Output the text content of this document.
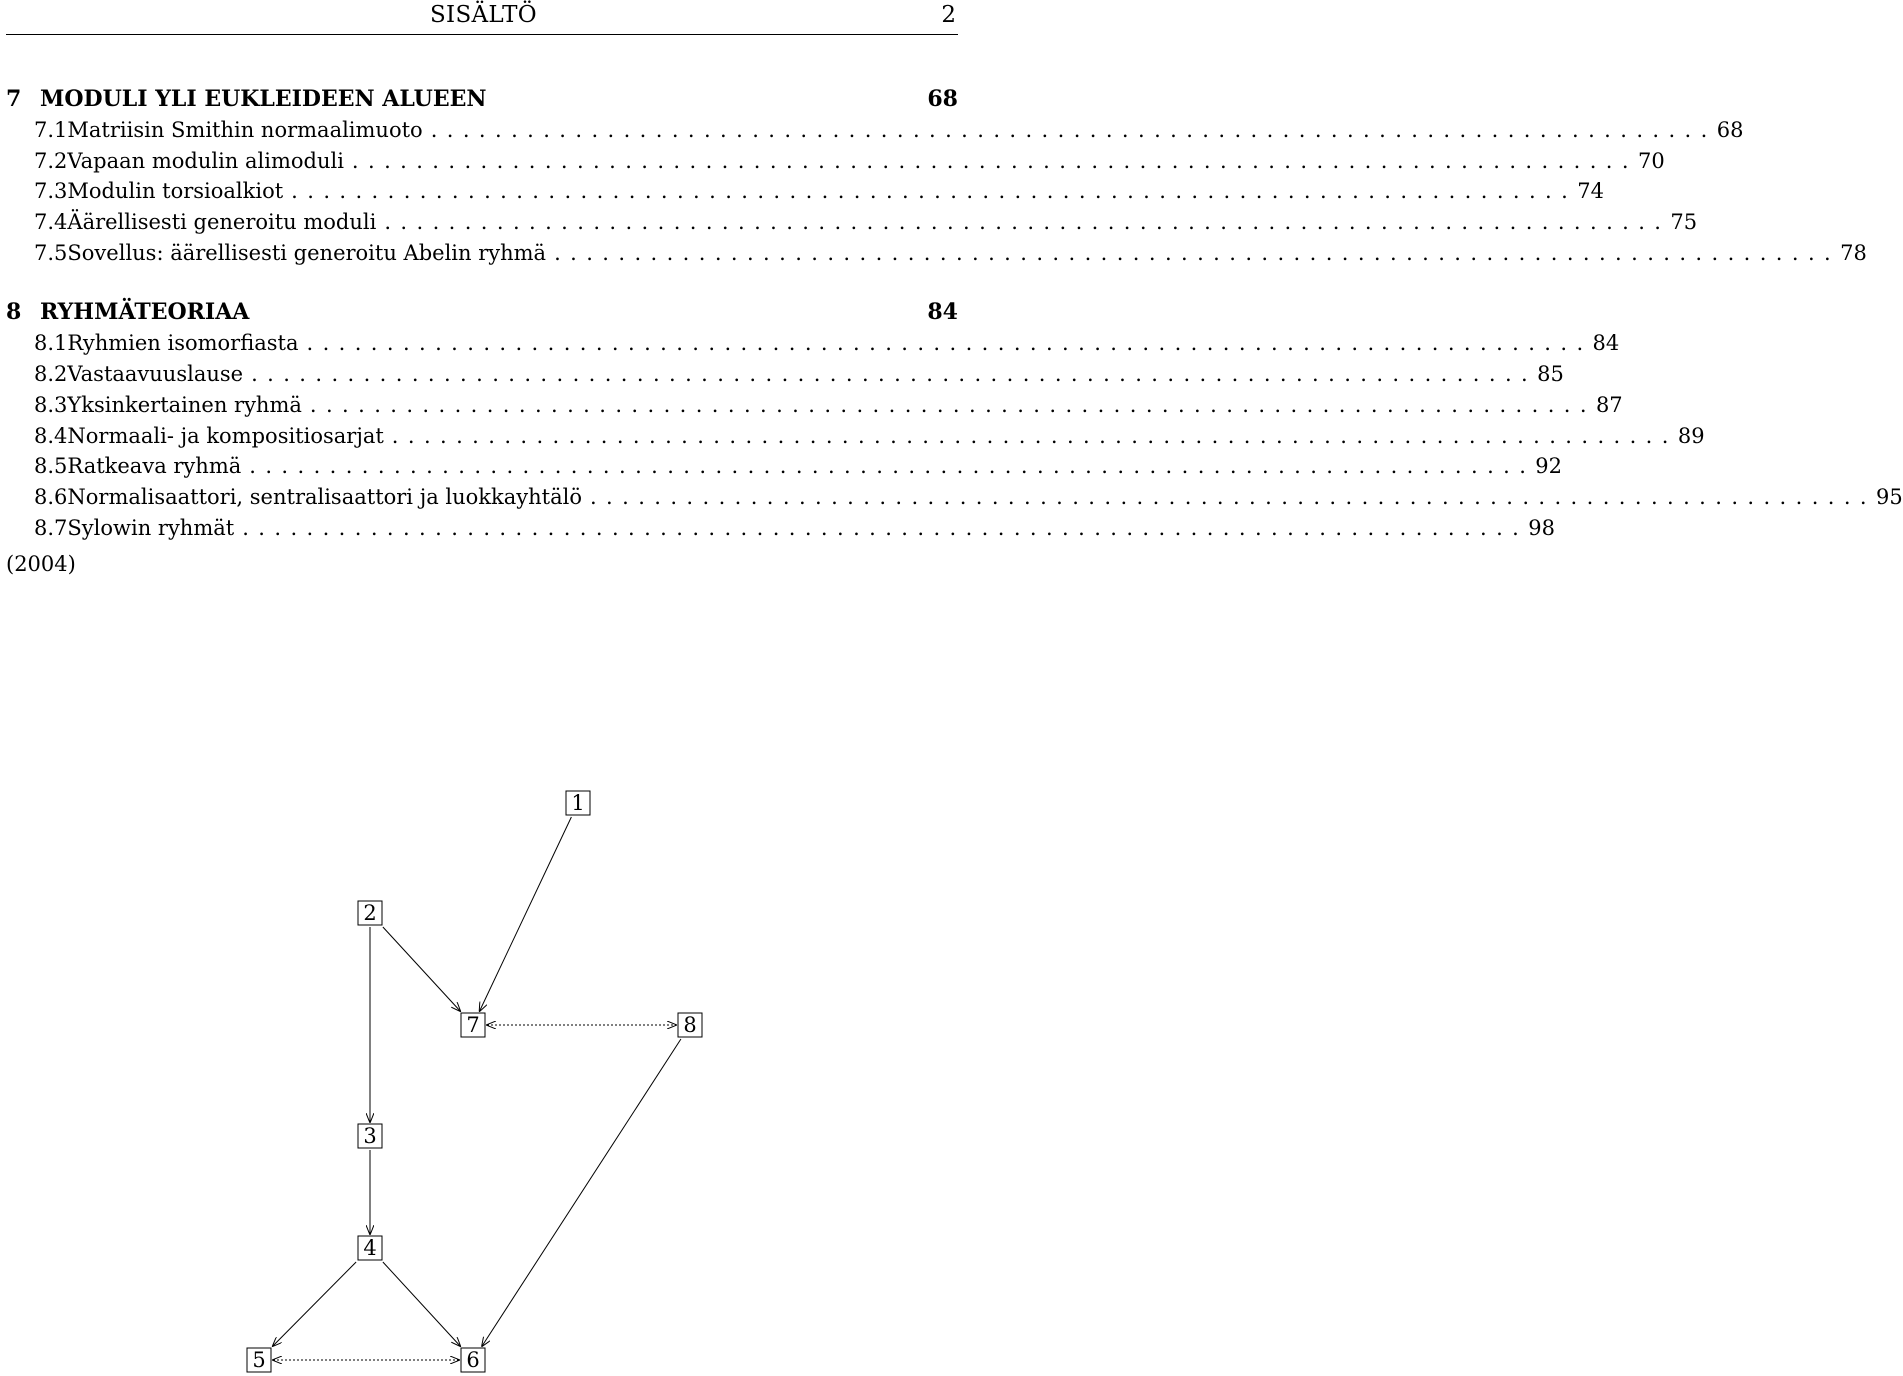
SISÄLTÖ	2
7 MODULI YLI EUKLEIDEEN ALUEEN	68
7.1 Matriisin Smithin normaalimuoto ................................................................................ 68
7.2 Vapaan modulin alimoduli ................................................................................ 70
7.3 Modulin torsioalkiot ................................................................................ 74
7.4 Äärellisesti generoitu moduli ................................................................................ 75
7.5 Sovellus: äärellisesti generoitu Abelin ryhmä ................................................................................ 78
8 RYHMÄTEORIAA	84
8.1 Ryhmien isomorfiasta ................................................................................ 84
8.2 Vastaavuuslause ................................................................................ 85
8.3 Yksinkertainen ryhmä ................................................................................ 87
8.4 Normaali- ja kompositiosarjat ................................................................................ 89
8.5 Ratkeava ryhmä ................................................................................ 92
8.6 Normalisaattori, sentralisaattori ja luokkayhtälö ................................................................................ 95
8.7 Sylowin ryhmät ................................................................................ 98
(2004)
1
2
3
4
5	6
7	8
